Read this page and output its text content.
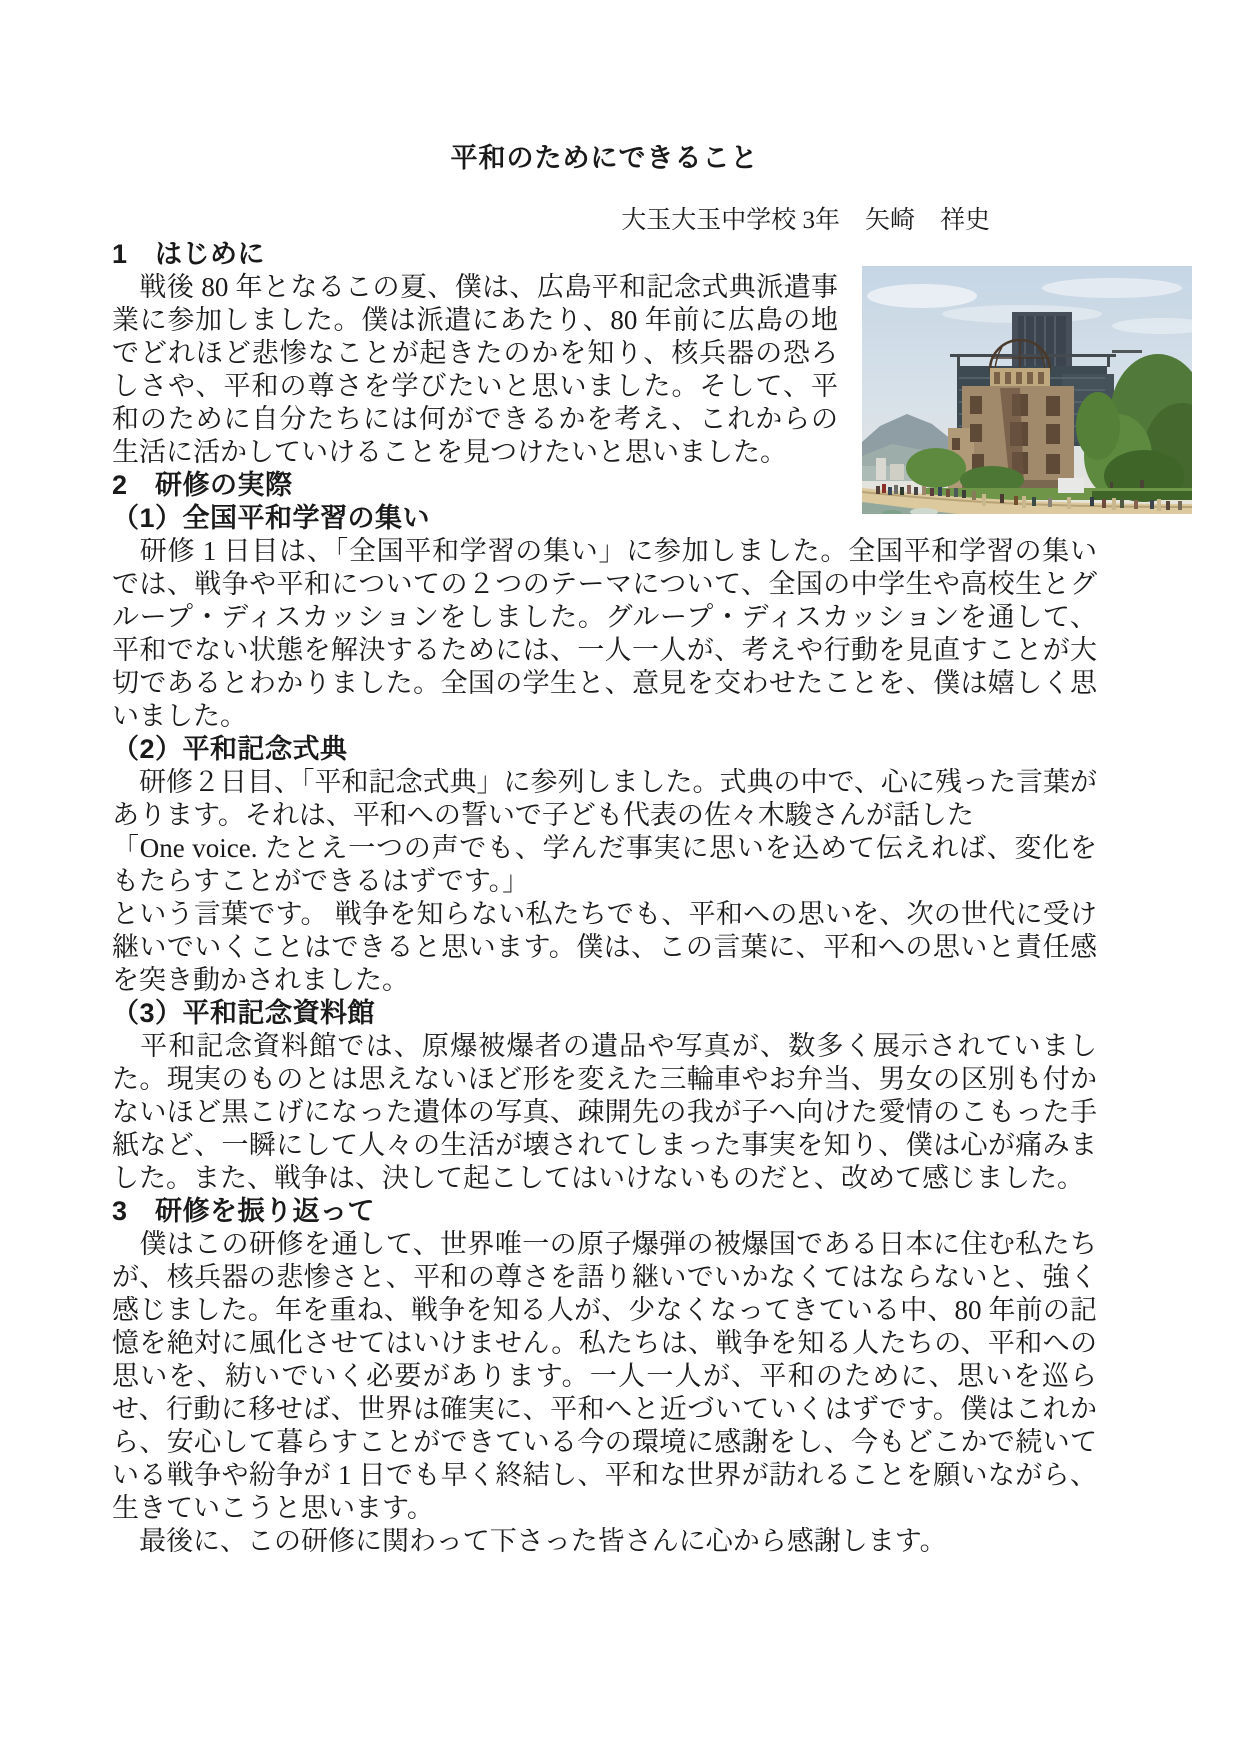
平和のためにできること
大玉大玉中学校 3年　矢崎　祥史
1　はじめに

　戦後 80 年となるこの夏、僕は、広島平和記念式典派遣事業に参加しました。僕は派遣にあたり、80 年前に広島の地でどれほど悲惨なことが起きたのかを知り、核兵器の恐ろしさや、平和の尊さを学びたいと思いました。そして、平和のために自分たちには何ができるかを考え、これからの生活に活かしていけることを見つけたいと思いました。

2　研修の実際
（1）全国平和学習の集い

　研修 1 日目は、「全国平和学習の集い」に参加しました。全国平和学習の集いでは、戦争や平和についての２つのテーマについて、全国の中学生や高校生とグループ・ディスカッションをしました。グループ・ディスカッションを通して、平和でない状態を解決するためには、一人一人が、考えや行動を見直すことが大切であるとわかりました。全国の学生と、意見を交わせたことを、僕は嬉しく思いました。

（2）平和記念式典

　研修２日目、「平和記念式典」に参列しました。式典の中で、心に残った言葉があります。それは、平和への誓いで子ども代表の佐々木駿さんが話した

「One voice. たとえ一つの声でも、学んだ事実に思いを込めて伝えれば、変化をもたらすことができるはずです。」

という言葉です。 戦争を知らない私たちでも、平和への思いを、次の世代に受け継いでいくことはできると思います。僕は、この言葉に、平和への思いと責任感を突き動かされました。

（3）平和記念資料館

　平和記念資料館では、原爆被爆者の遺品や写真が、数多く展示されていました。現実のものとは思えないほど形を変えた三輪車やお弁当、男女の区別も付かないほど黒こげになった遺体の写真、疎開先の我が子へ向けた愛情のこもった手紙など、一瞬にして人々の生活が壊されてしまった事実を知り、僕は心が痛みました。また、戦争は、決して起こしてはいけないものだと、改めて感じました。

3　研修を振り返って

　僕はこの研修を通して、世界唯一の原子爆弾の被爆国である日本に住む私たちが、核兵器の悲惨さと、平和の尊さを語り継いでいかなくてはならないと、強く感じました。年を重ね、戦争を知る人が、少なくなってきている中、80 年前の記憶を絶対に風化させてはいけません。私たちは、戦争を知る人たちの、平和への思いを、紡いでいく必要があります。一人一人が、平和のために、思いを巡らせ、行動に移せば、世界は確実に、平和へと近づいていくはずです。僕はこれから、安心して暮らすことができている今の環境に感謝をし、今もどこかで続いている戦争や紛争が 1 日でも早く終結し、平和な世界が訪れることを願いながら、生きていこうと思います。

　最後に、この研修に関わって下さった皆さんに心から感謝します。
